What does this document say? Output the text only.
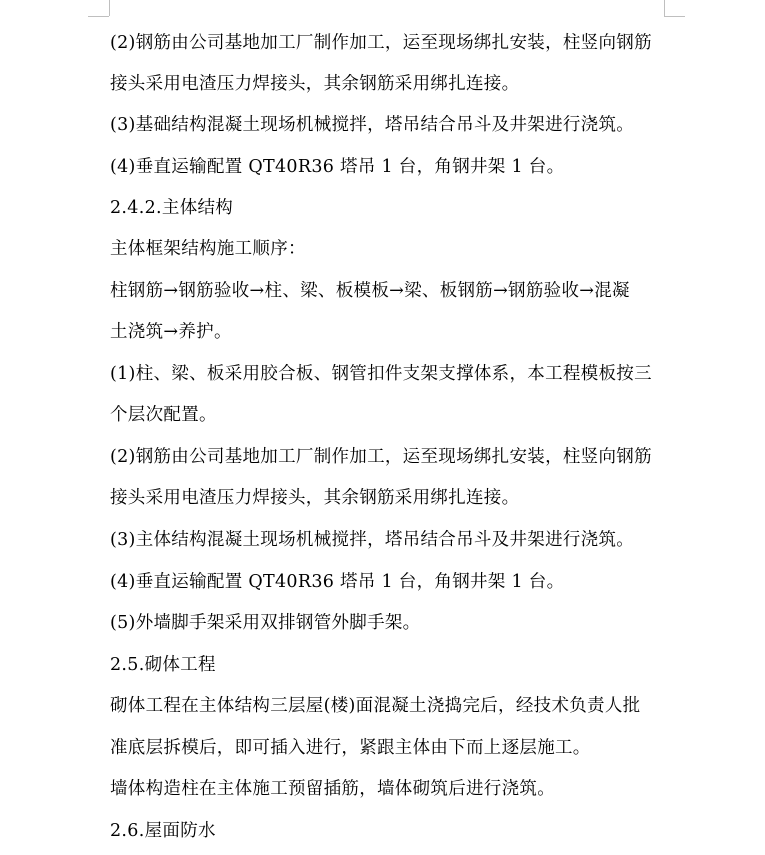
(2)钢筋由公司基地加工厂制作加工，运至现场绑扎安装，柱竖向钢筋
接头采用电渣压力焊接头，其余钢筋采用绑扎连接。
(3)基础结构混凝土现场机械搅拌，塔吊结合吊斗及井架进行浇筑。
(4)垂直运输配置 QT40R36 塔吊 1 台，角钢井架 1 台。
2.4.2.主体结构
主体框架结构施工顺序：
柱钢筋→钢筋验收→柱、梁、板模板→梁、板钢筋→钢筋验收→混凝
土浇筑→养护。
(1)柱、梁、板采用胶合板、钢管扣件支架支撑体系，本工程模板按三
个层次配置。
(2)钢筋由公司基地加工厂制作加工，运至现场绑扎安装，柱竖向钢筋
接头采用电渣压力焊接头，其余钢筋采用绑扎连接。
(3)主体结构混凝土现场机械搅拌，塔吊结合吊斗及井架进行浇筑。
(4)垂直运输配置 QT40R36 塔吊 1 台，角钢井架 1 台。
(5)外墙脚手架采用双排钢管外脚手架。
2.5.砌体工程
砌体工程在主体结构三层屋(楼)面混凝土浇捣完后，经技术负责人批
准底层拆模后，即可插入进行，紧跟主体由下而上逐层施工。
墙体构造柱在主体施工预留插筋，墙体砌筑后进行浇筑。
2.6.屋面防水
